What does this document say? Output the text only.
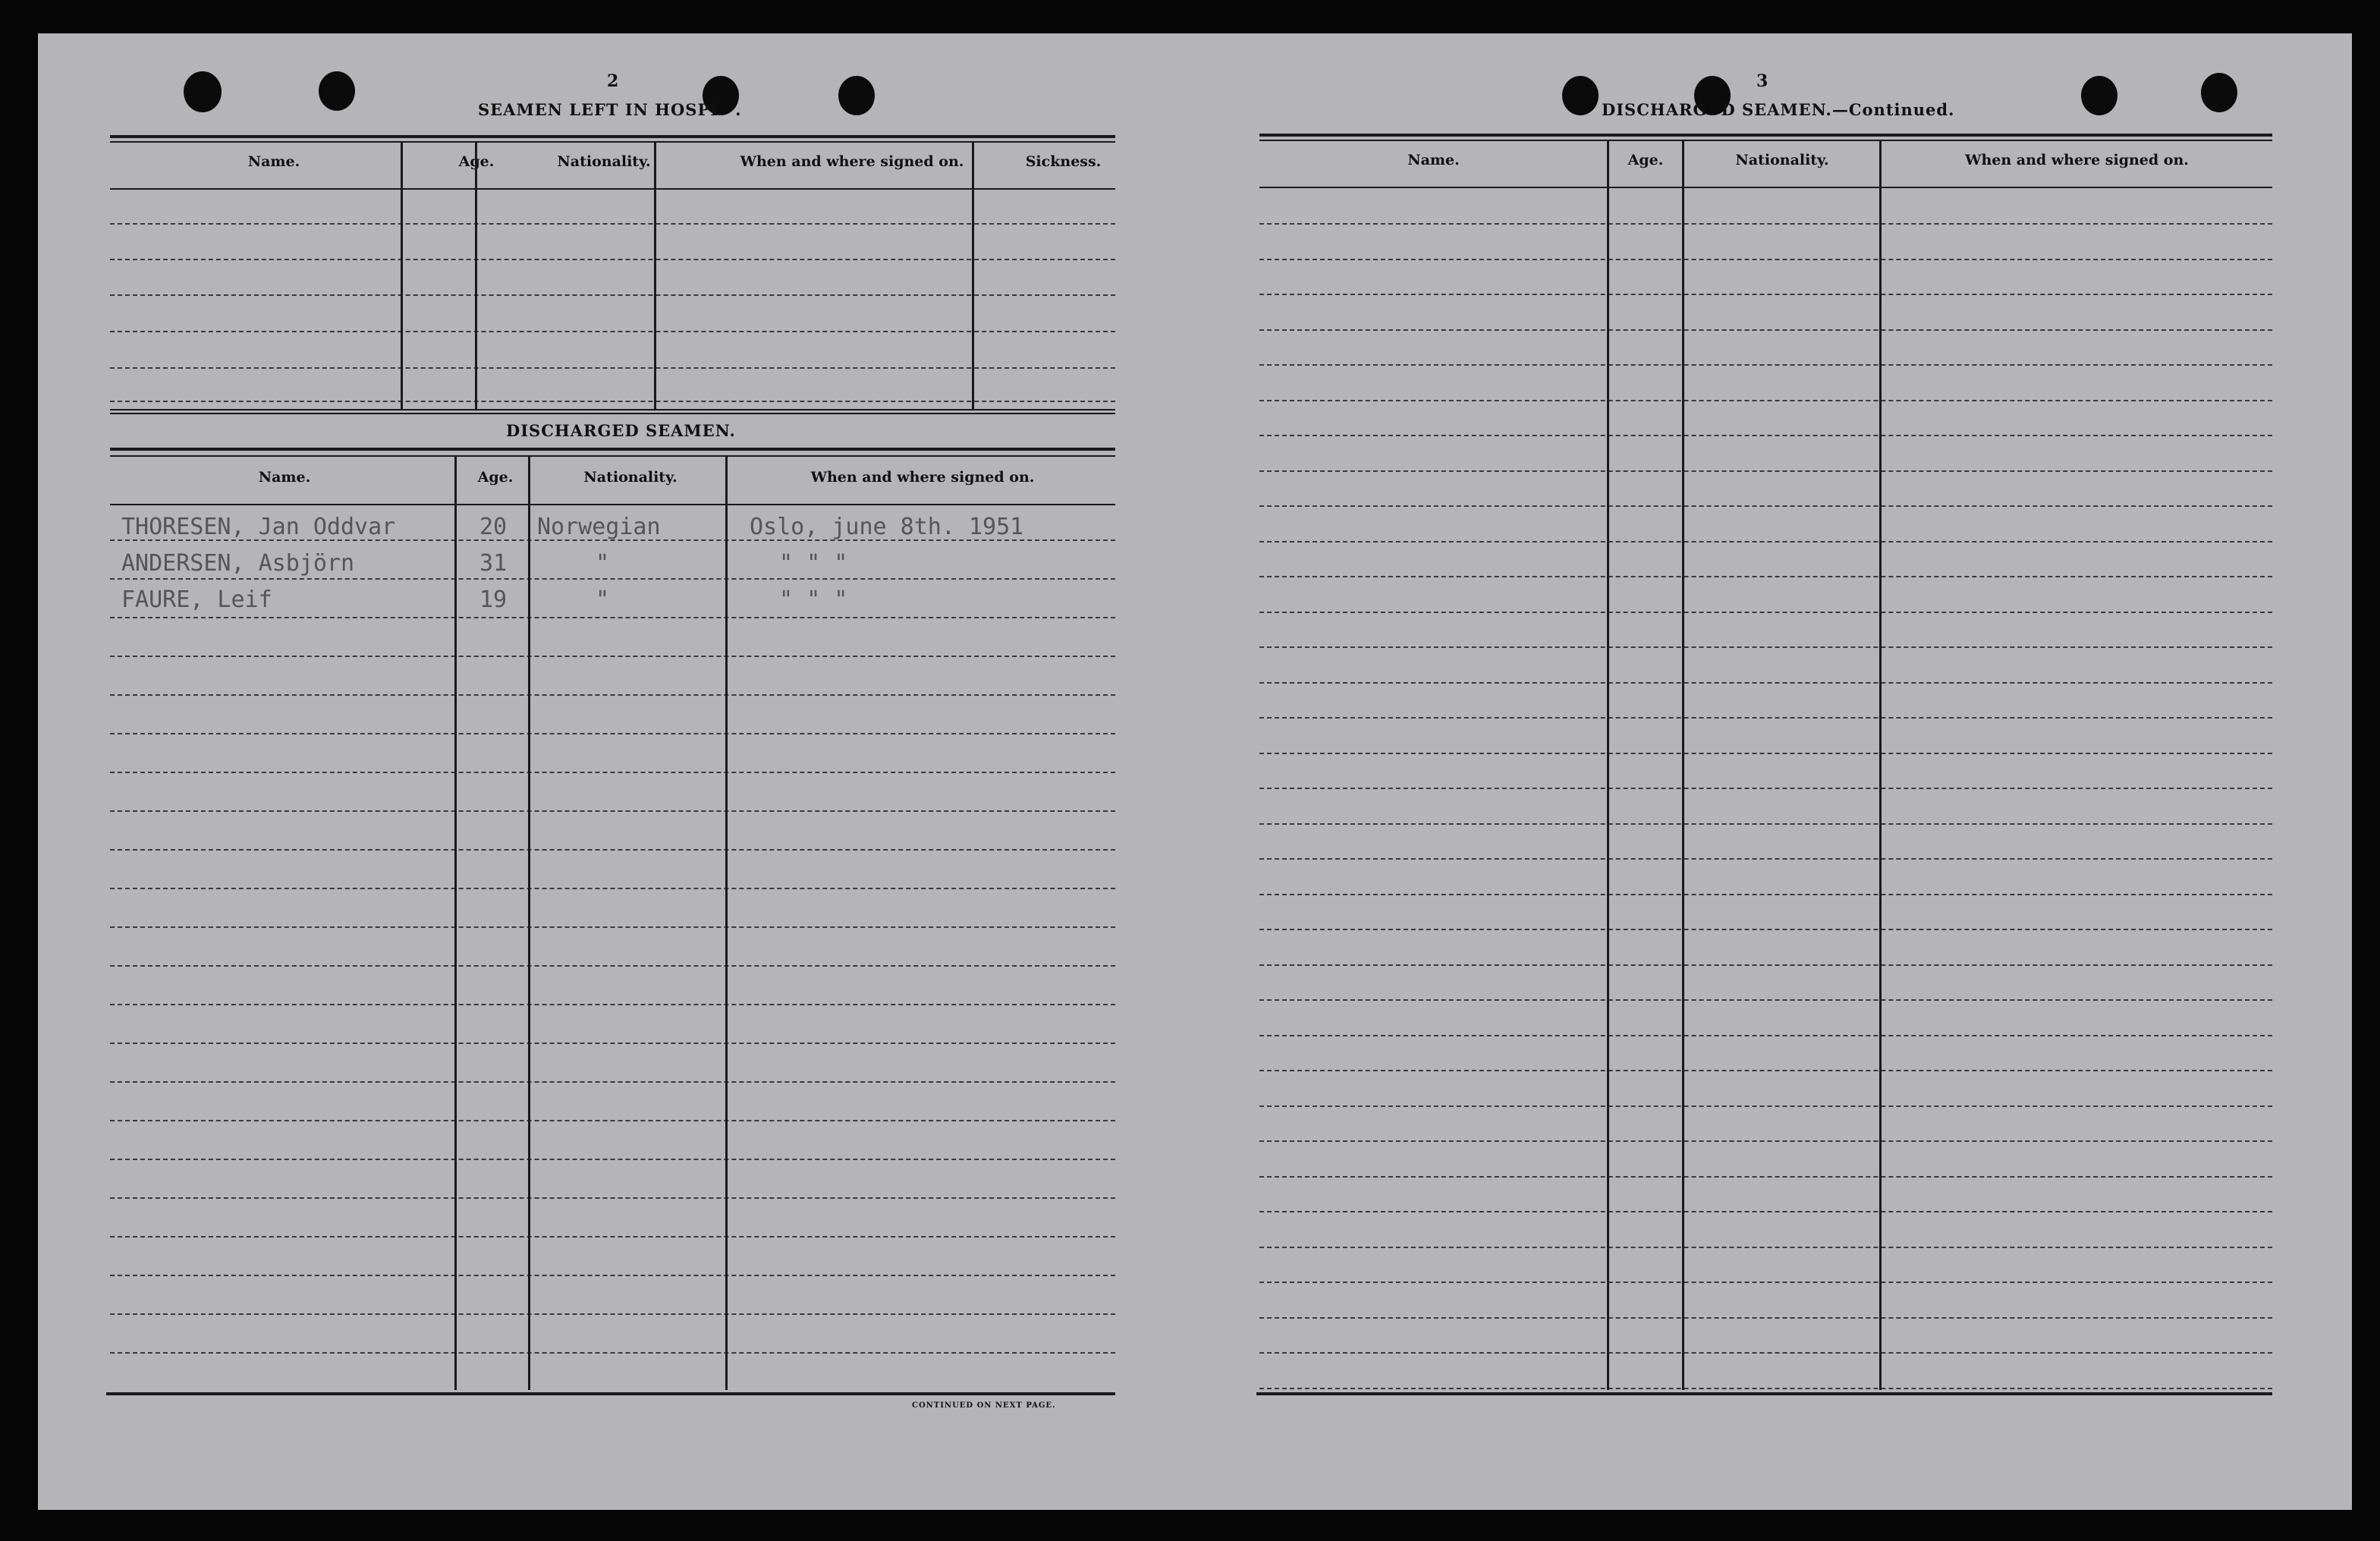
2
SEAMEN LEFT IN HOSPI .
Name.	Age.	Nationality.	When and where signed on.	Sickness.
DISCHARGED SEAMEN.
Name.	Age.	Nationality.	When and where signed on.
THORESEN, Jan Oddvar	20 Norwegian	Oslo, june 8th. 1951
ANDERSEN, Asbjörn	31	"	" " "
FAURE, Leif	19	"	" " "
CONTINUED ON NEXT PAGE.
3
DISCHARG D SEAMEN.—Continued.
Name.	Age.	Nationality.	When and where signed on.
